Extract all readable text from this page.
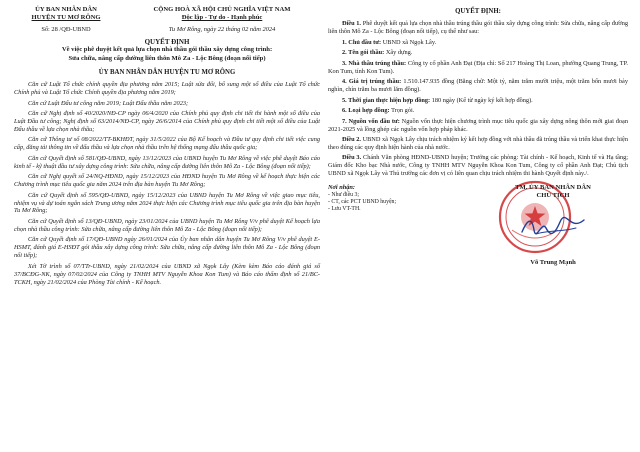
ỦY BAN NHÂN DÂN
HUYỆN TU MƠ RÔNG
CỘNG HOÀ XÃ HỘI CHỦ NGHĨA VIỆT NAM
Độc lập - Tự do - Hạnh phúc
Số: 28 /QĐ-UBND	Tu Mơ Rông, ngày 22 tháng 02 năm 2024
QUYẾT ĐỊNH
Về việc phê duyệt kết quả lựa chọn nhà thầu gói thầu xây dựng công trình:
Sửa chữa, nâng cấp đường liên thôn Mô Za - Lộc Bông (đoạn nối tiếp)
ỦY BAN NHÂN DÂN HUYỆN TU MƠ RÔNG

Căn cứ Luật Tổ chức chính quyền địa phương năm 2015; Luật sửa đổi, bổ sung một số điều của Luật Tổ chức Chính phủ và Luật Tổ chức Chính quyền địa phương năm 2019;

Căn cứ Luật Đấu tư công năm 2019; Luật Đấu thầu năm 2023;

Căn cứ Nghị định số 40/2020/NĐ-CP ngày 06/4/2020 của Chính phủ quy định chi tiết thi hành một số điều của Luật Đầu tư công; Nghị định số 63/2014/NĐ-CP, ngày 26/6/2014 của Chính phủ quy định chi tiết một số điều của Luật Đấu thầu về lựa chọn nhà thầu;

Căn cứ Thông tư số 08/2022/TT-BKHĐT, ngày 31/5/2022 của Bộ Kế hoạch và Đầu tư quy định chi tiết việc cung cấp, đăng tải thông tin về đấu thầu và lựa chọn nhà thầu trên hệ thống mạng đấu thầu quốc gia;

Căn cứ Quyết định số 581/QĐ-UBND, ngày 13/12/2023 của UBND huyện Tu Mơ Rông về việc phê duyệt Báo cáo kinh tế - kỹ thuật đầu tư xây dựng công trình: Sửa chữa, nâng cấp đường liên thôn Mô Za - Lộc Bông (đoạn nối tiếp);

Căn cứ Nghị quyết số 24/NQ-HĐND, ngày 15/12/2023 của HĐND huyện Tu Mơ Rông về kế hoạch thực hiện các Chương trình mục tiêu quốc gia năm 2024 trên địa bàn huyện Tu Mơ Rông;

Căn cứ Quyết định số 595/QĐ-UBND, ngày 15/12/2023 của UBND huyện Tu Mơ Rông về việc giao mục tiêu, nhiệm vụ và dự toán ngân sách Trung ương năm 2024 thực hiện các Chương trình mục tiêu quốc gia trên địa bàn huyện Tu Mơ Rông;

Căn cứ Quyết định số 13/QĐ-UBND, ngày 23/01/2024 của UBND huyện Tu Mơ Rông V/v phê duyệt Kế hoạch lựa chọn nhà thầu công trình: Sửa chữa, nâng cấp đường liên thôn Mô Za - Lộc Bông (đoạn nối tiếp);

Căn cứ Quyết định số 17/QĐ-UBND ngày 26/01/2024 của Ủy ban nhân dân huyện Tu Mơ Rông V/v phê duyệt E-HSMT, đánh giá E-HSĐT gói thầu xây dựng công trình: Sửa chữa, nâng cấp đường liên thôn Mô Za - Lộc Bông (đoạn nối tiếp);

Xét Tờ trình số 07/TTr-UBND, ngày 21/02/2024 của UBND xã Ngọk Lây (Kèm kèm Báo cáo đánh giá số 37/BCĐG-NK, ngày 07/02/2024 của Công ty TNHH MTV Nguyễn Khoa Kon Tum) và Báo cáo thẩm định số 21/BC-TCKH, ngày 21/02/2024 của Phòng Tài chính - Kế hoạch.

QUYẾT ĐỊNH:

Điều 1. Phê duyệt kết quả lựa chọn nhà thầu trúng thầu gói thầu xây dựng công trình: Sửa chữa, nâng cấp đường liên thôn Mô Za - Lộc Bông (đoạn nối tiếp), cụ thể như sau:

1. Chủ đầu tư: UBND xã Ngọk Lây.

2. Tên gói thầu: Xây dựng.

3. Nhà thầu trúng thầu: Công ty cổ phần Anh Đạt (Địa chỉ: Số 217 Hoàng Thị Loan, phường Quang Trung, TP. Kon Tum, tỉnh Kon Tum).

4. Giá trị trúng thầu: 1.510.147.935 đồng (Bằng chữ: Một tỷ, năm trăm mười triệu, một trăm bốn mươi bảy nghìn, chín trăm ba mươi lăm đồng).

5. Thời gian thực hiện hợp đồng: 180 ngày (Kể từ ngày ký kết hợp đồng).

6. Loại hợp đồng: Trọn gói.

7. Nguồn vốn đầu tư: Nguồn vốn thực hiện chương trình mục tiêu quốc gia xây dựng nông thôn mới giai đoạn 2021-2025 và lồng ghép các nguồn vốn hợp pháp khác.

Điều 2. UBND xã Ngọk Lây chịu trách nhiệm ký kết hợp đồng với nhà thầu đã trúng thầu và triển khai thực hiện theo đúng các quy định hiện hành của nhà nước.

Điều 3. Chánh Văn phòng HĐND-UBND huyện; Trưởng các phòng: Tài chính - Kế hoạch, Kinh tế và Hạ tầng; Giám đốc Kho bạc Nhà nước, Công ty TNHH MTV Nguyễn Khoa Kon Tum, Công ty cổ phần Anh Đạt; Chủ tịch UBND xã Ngọk Lây và Thủ trưởng các đơn vị có liên quan chịu trách nhiệm thi hành Quyết định này./.

Nơi nhận:
- Như điều 3;
- CT, các PCT UBND huyện;
- Lưu VT-TH.
TM. ỦY BAN NHÂN DÂN
CHỦ TỊCH
Võ Trung Mạnh
